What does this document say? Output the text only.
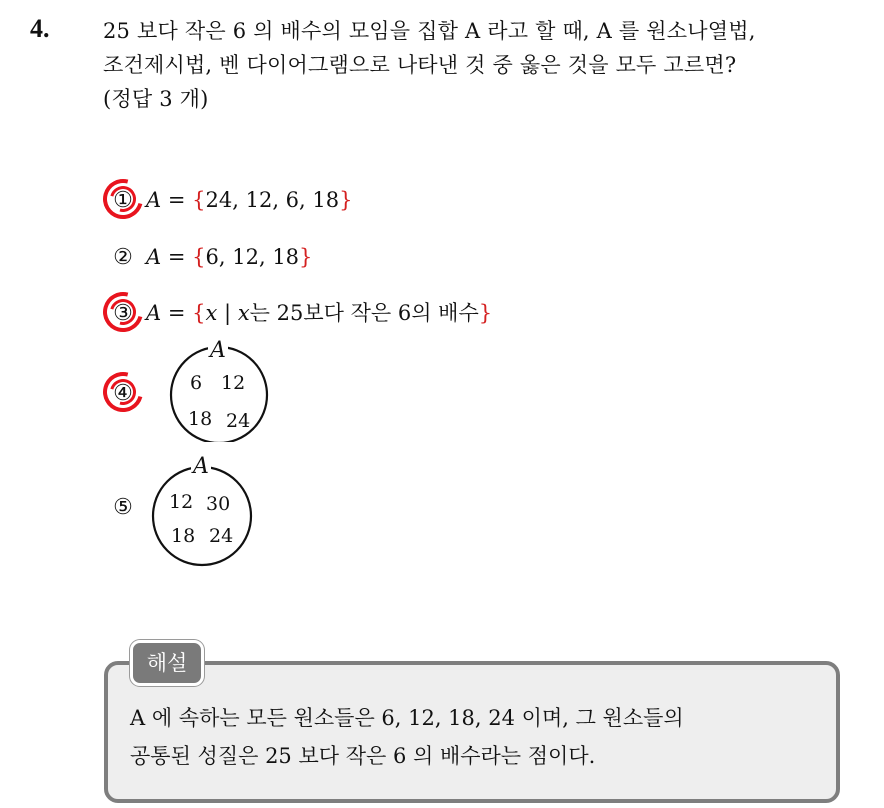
4.	25 보다 작은 6 의 배수의 모임을 집합 A 라고 할 때, A 를 원소나열법,
조건제시법, 벤 다이어그램으로 나타낸 것 중 옳은 것을 모두 고르면?
(정답 3 개)
① A = {24, 12, 6, 18}
② A = {6, 12, 18}
③ A = {x | x는 25보다 작은 6의 배수}
④
A
6 12
18 24
⑤
A
12 30
18 24
해설
A 에 속하는 모든 원소들은 6, 12, 18, 24 이며, 그 원소들의
공통된 성질은 25 보다 작은 6 의 배수라는 점이다.
